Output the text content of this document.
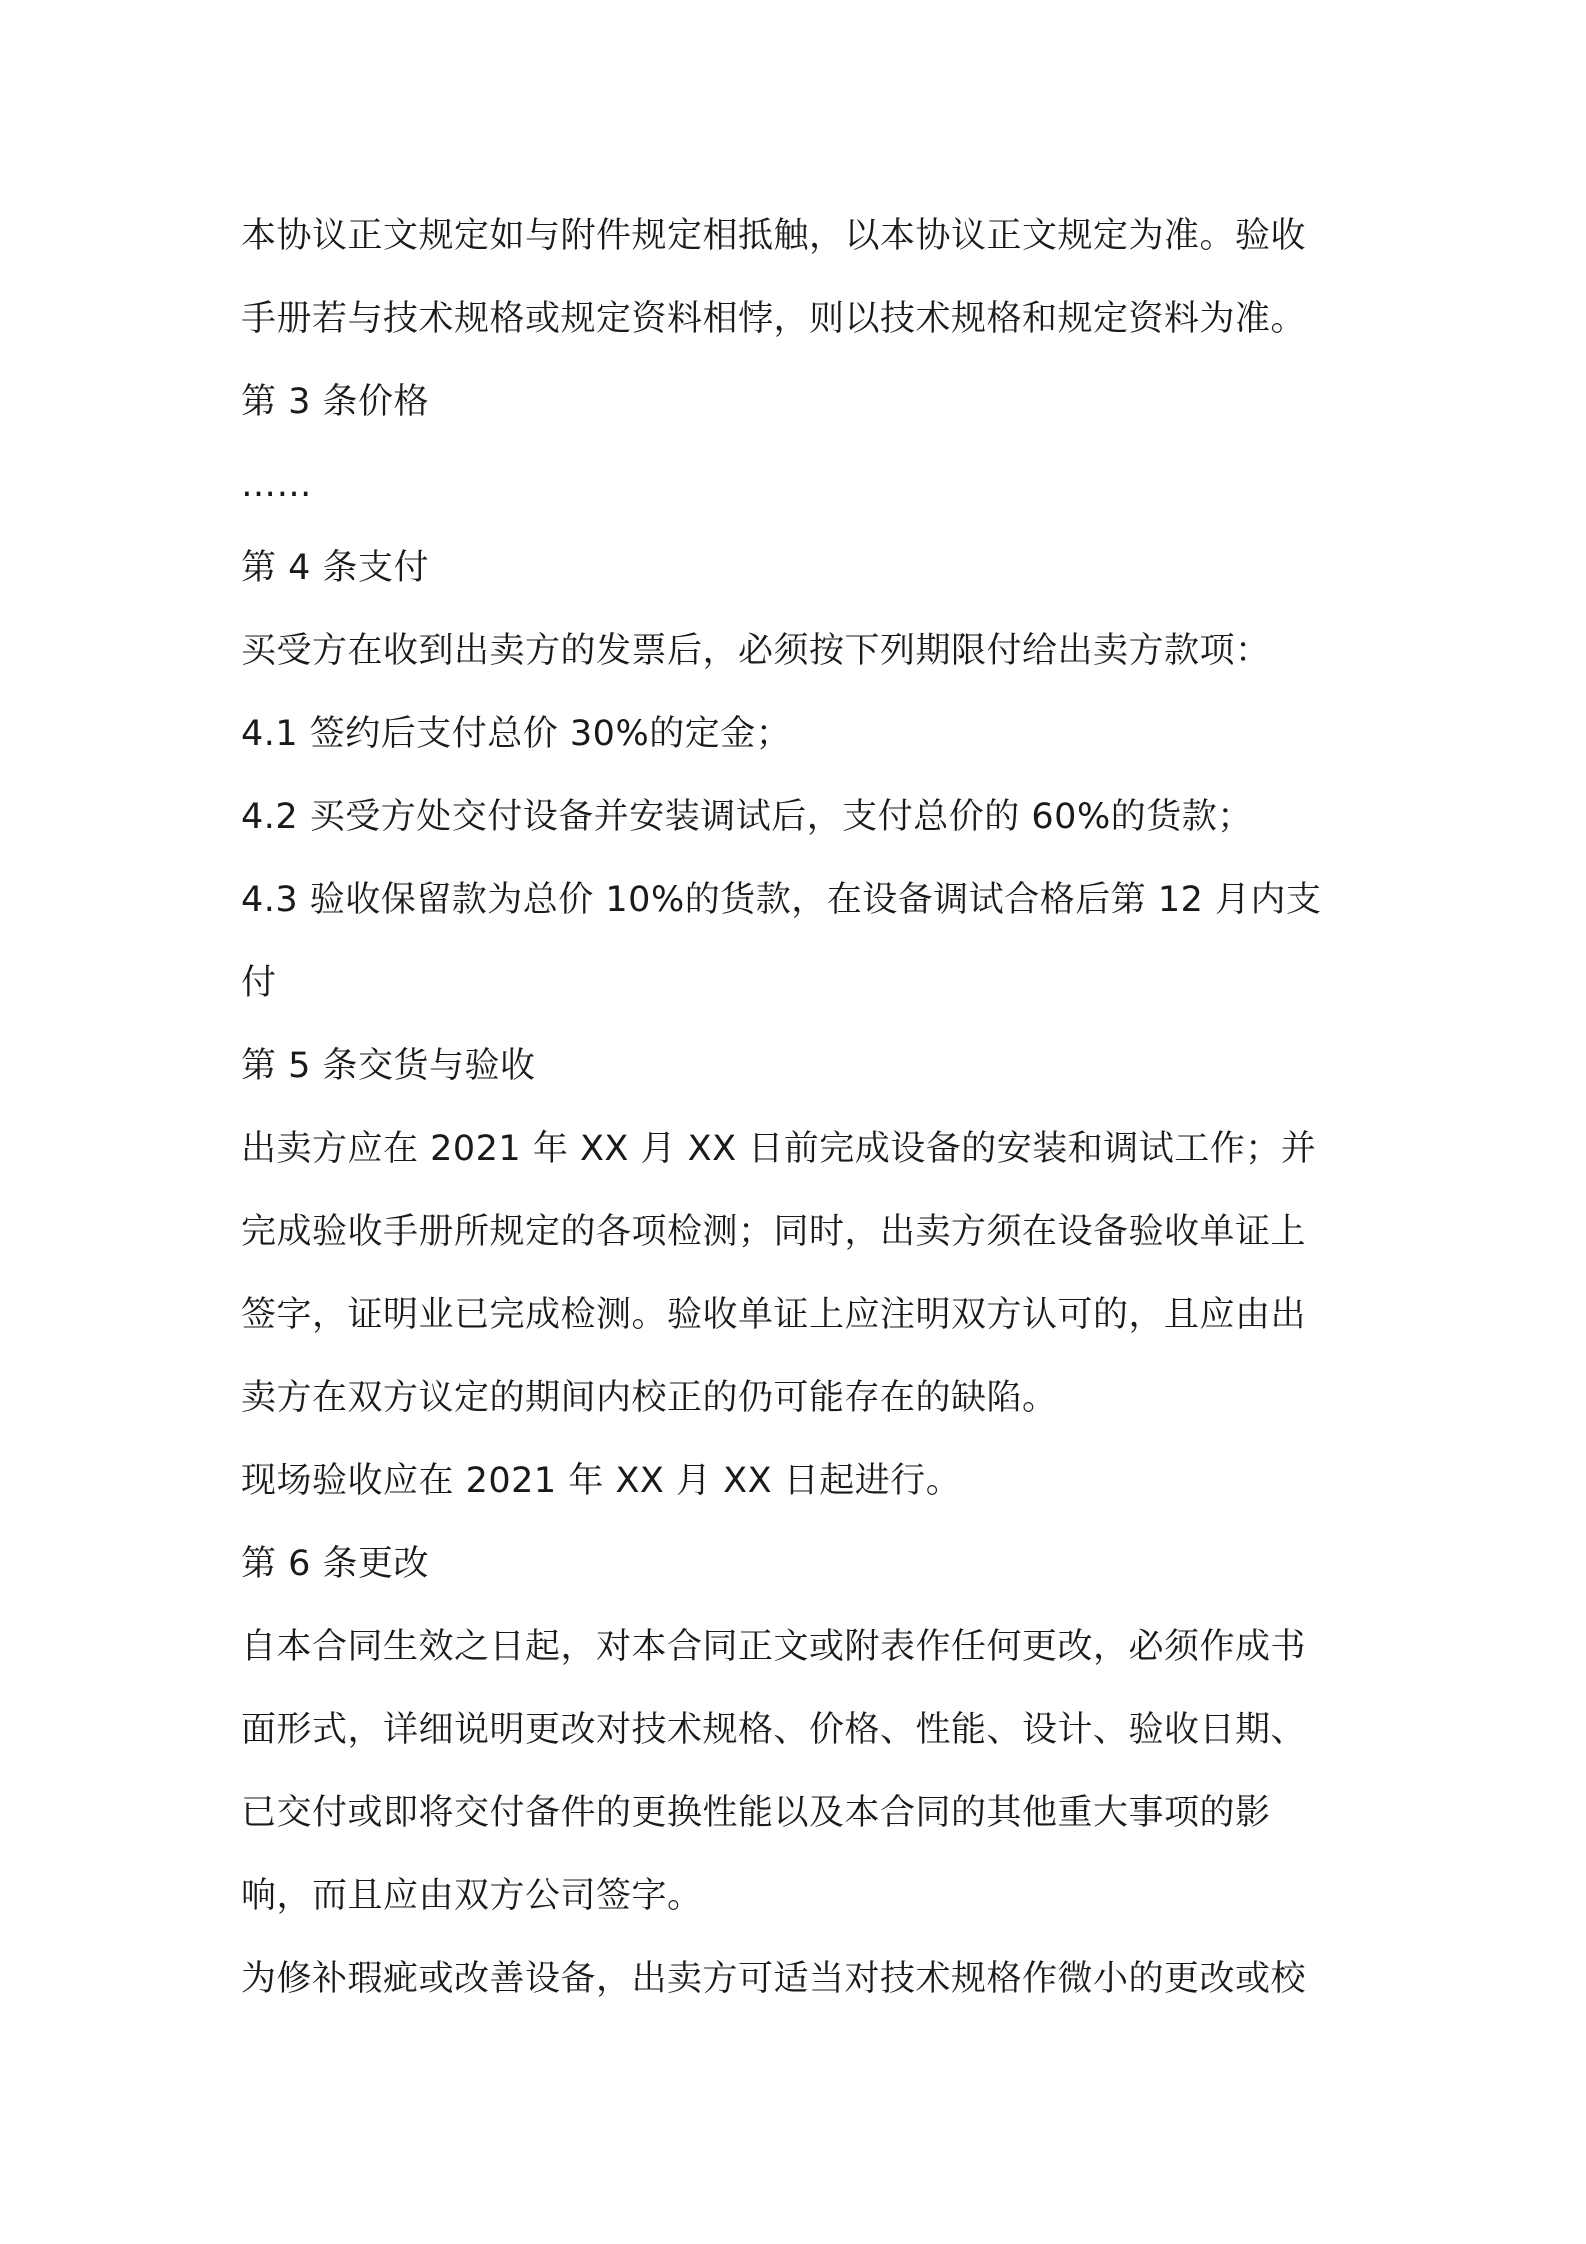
本协议正文规定如与附件规定相抵触，以本协议正文规定为准。验收
手册若与技术规格或规定资料相悖，则以技术规格和规定资料为准。
第 3 条价格
……
第 4 条支付
买受方在收到出卖方的发票后，必须按下列期限付给出卖方款项：
4.1 签约后支付总价 30%的定金；
4.2 买受方处交付设备并安装调试后，支付总价的 60%的货款；
4.3 验收保留款为总价 10%的货款，在设备调试合格后第 12 月内支
付
第 5 条交货与验收
出卖方应在 2021 年 XX 月 XX 日前完成设备的安装和调试工作；并
完成验收手册所规定的各项检测；同时，出卖方须在设备验收单证上
签字，证明业已完成检测。验收单证上应注明双方认可的，且应由出
卖方在双方议定的期间内校正的仍可能存在的缺陷。
现场验收应在 2021 年 XX 月 XX 日起进行。
第 6 条更改
自本合同生效之日起，对本合同正文或附表作任何更改，必须作成书
面形式，详细说明更改对技术规格、价格、性能、设计、验收日期、
已交付或即将交付备件的更换性能以及本合同的其他重大事项的影
响，而且应由双方公司签字。
为修补瑕疵或改善设备，出卖方可适当对技术规格作微小的更改或校
